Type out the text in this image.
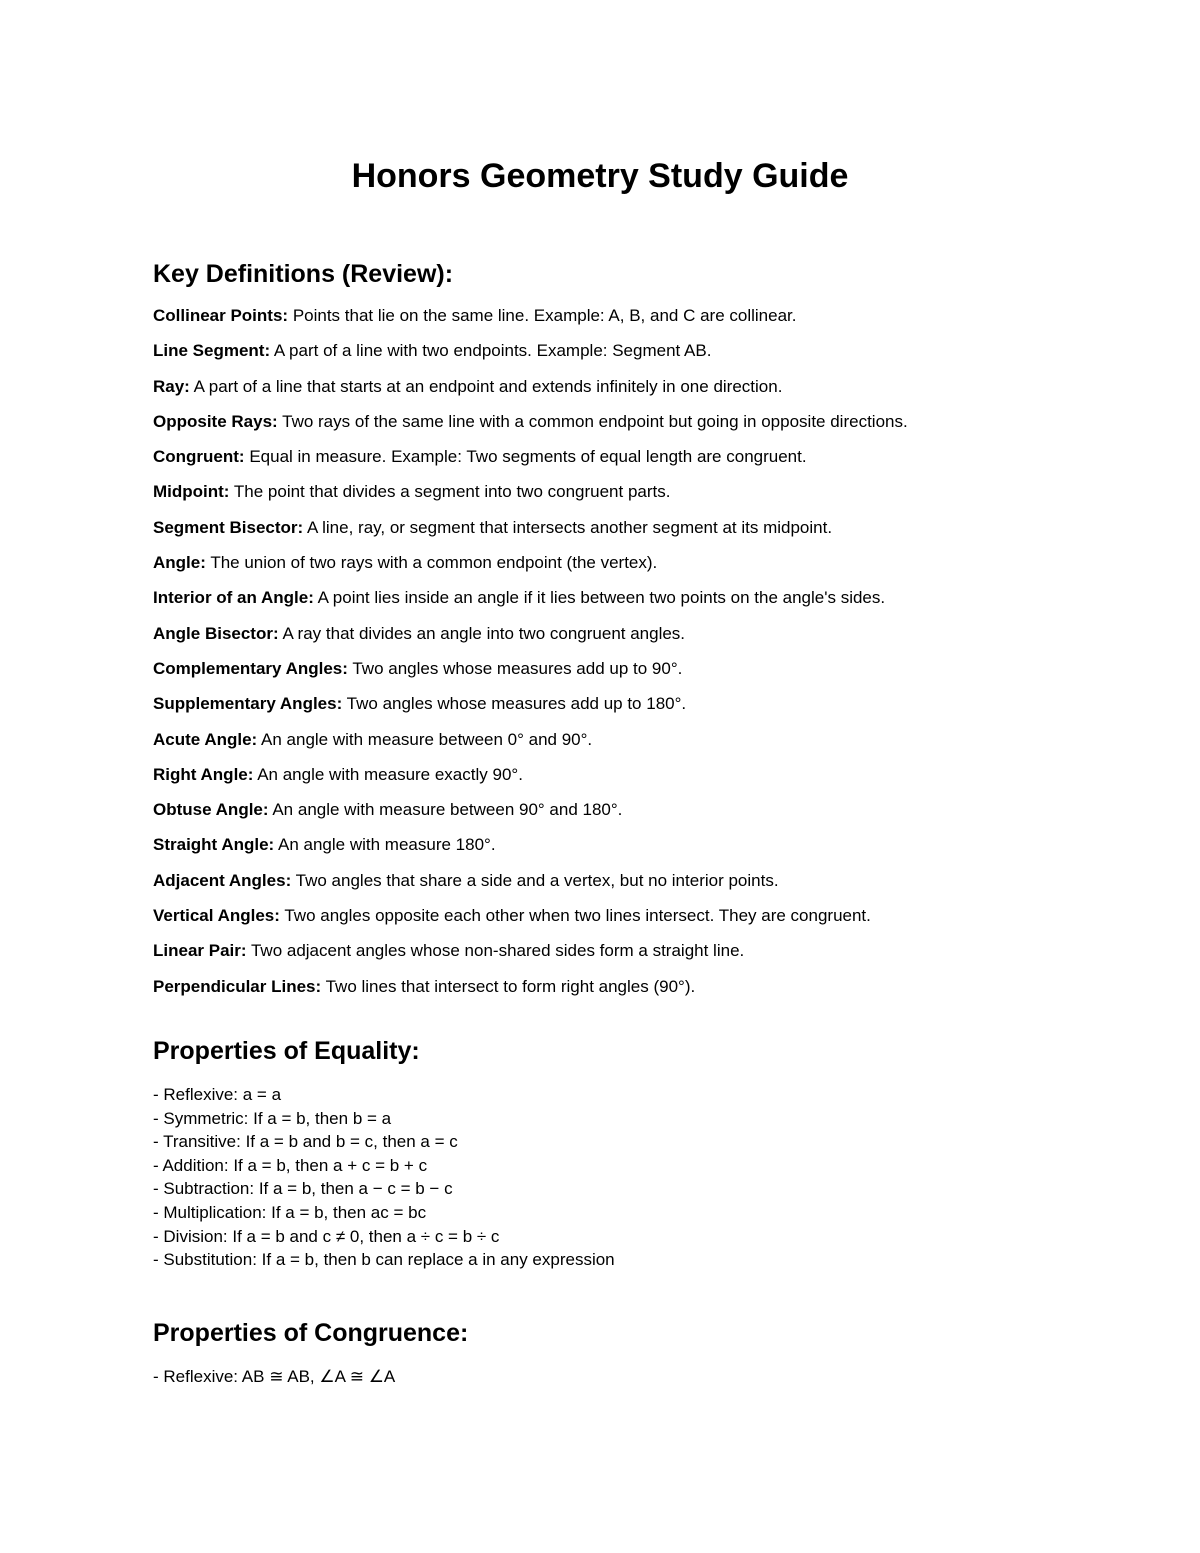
Honors Geometry Study Guide
Key Definitions (Review):
Collinear Points: Points that lie on the same line. Example: A, B, and C are collinear.
Line Segment: A part of a line with two endpoints. Example: Segment AB.
Ray: A part of a line that starts at an endpoint and extends infinitely in one direction.
Opposite Rays: Two rays of the same line with a common endpoint but going in opposite directions.
Congruent: Equal in measure. Example: Two segments of equal length are congruent.
Midpoint: The point that divides a segment into two congruent parts.
Segment Bisector: A line, ray, or segment that intersects another segment at its midpoint.
Angle: The union of two rays with a common endpoint (the vertex).
Interior of an Angle: A point lies inside an angle if it lies between two points on the angle's sides.
Angle Bisector: A ray that divides an angle into two congruent angles.
Complementary Angles: Two angles whose measures add up to 90°.
Supplementary Angles: Two angles whose measures add up to 180°.
Acute Angle: An angle with measure between 0° and 90°.
Right Angle: An angle with measure exactly 90°.
Obtuse Angle: An angle with measure between 90° and 180°.
Straight Angle: An angle with measure 180°.
Adjacent Angles: Two angles that share a side and a vertex, but no interior points.
Vertical Angles: Two angles opposite each other when two lines intersect. They are congruent.
Linear Pair: Two adjacent angles whose non-shared sides form a straight line.
Perpendicular Lines: Two lines that intersect to form right angles (90°).
Properties of Equality:
- Reflexive: a = a
- Symmetric: If a = b, then b = a
- Transitive: If a = b and b = c, then a = c
- Addition: If a = b, then a + c = b + c
- Subtraction: If a = b, then a − c = b − c
- Multiplication: If a = b, then ac = bc
- Division: If a = b and c ≠ 0, then a ÷ c = b ÷ c
- Substitution: If a = b, then b can replace a in any expression
Properties of Congruence:
- Reflexive: AB ≅ AB, ∠A ≅ ∠A
